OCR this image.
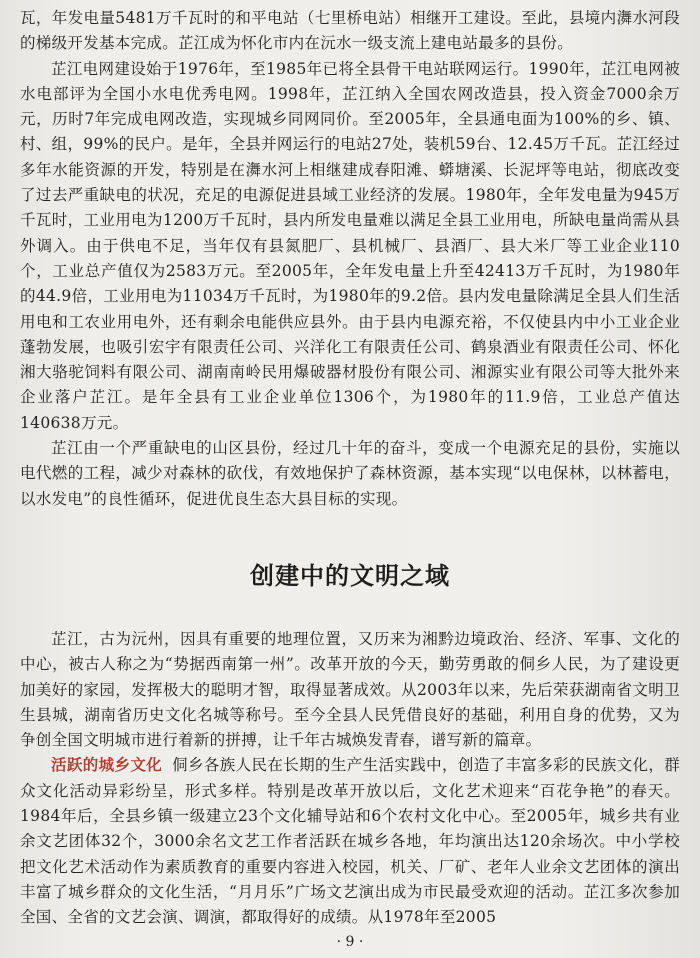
瓦，年发电量5481万千瓦时的和平电站（七里桥电站）相继开工建设。至此，县境内㵲水河段的梯级开发基本完成。芷江成为怀化市内在沅水一级支流上建电站最多的县份。

芷江电网建设始于1976年，至1985年已将全县骨干电站联网运行。1990年，芷江电网被水电部评为全国小水电优秀电网。1998年，芷江纳入全国农网改造县，投入资金7000余万元，历时7年完成电网改造，实现城乡同网同价。至2005年，全县通电面为100%的乡、镇、村、组，99%的民户。是年，全县并网运行的电站27处，装机59台、12.45万千瓦。芷江经过多年水能资源的开发，特别是在㵲水河上相继建成春阳滩、蟒塘溪、长泥坪等电站，彻底改变了过去严重缺电的状况，充足的电源促进县域工业经济的发展。1980年，全年发电量为945万千瓦时，工业用电为1200万千瓦时，县内所发电量难以满足全县工业用电，所缺电量尚需从县外调入。由于供电不足，当年仅有县氮肥厂、县机械厂、县酒厂、县大米厂等工业企业110个，工业总产值仅为2583万元。至2005年，全年发电量上升至42413万千瓦时，为1980年的44.9倍，工业用电为11034万千瓦时，为1980年的9.2倍。县内发电量除满足全县人们生活用电和工农业用电外，还有剩余电能供应县外。由于县内电源充裕，不仅使县内中小工业企业蓬勃发展，也吸引宏宇有限责任公司、兴洋化工有限责任公司、鹤泉酒业有限责任公司、怀化湘大骆驼饲料有限公司、湖南南岭民用爆破器材股份有限公司、湘源实业有限公司等大批外来企业落户芷江。是年全县有工业企业单位1306个，为1980年的11.9倍，工业总产值达140638万元。

芷江由一个严重缺电的山区县份，经过几十年的奋斗，变成一个电源充足的县份，实施以电代燃的工程，减少对森林的砍伐，有效地保护了森林资源，基本实现“以电保林，以林蓄电，以水发电”的良性循环，促进优良生态大县目标的实现。

创建中的文明之域

芷江，古为沅州，因具有重要的地理位置，又历来为湘黔边境政治、经济、军事、文化的中心，被古人称之为“势据西南第一州”。改革开放的今天，勤劳勇敢的侗乡人民，为了建设更加美好的家园，发挥极大的聪明才智，取得显著成效。从2003年以来，先后荣获湖南省文明卫生县城，湖南省历史文化名城等称号。至今全县人民凭借良好的基础，利用自身的优势，又为争创全国文明城市进行着新的拼搏，让千年古城焕发青春，谱写新的篇章。

活跃的城乡文化 侗乡各族人民在长期的生产生活实践中，创造了丰富多彩的民族文化，群众文化活动异彩纷呈，形式多样。特别是改革开放以后，文化艺术迎来“百花争艳”的春天。1984年后，全县乡镇一级建立23个文化辅导站和6个农村文化中心。至2005年，城乡共有业余文艺团体32个，3000余名文艺工作者活跃在城乡各地，年均演出达120余场次。中小学校把文化艺术活动作为素质教育的重要内容进入校园，机关、厂矿、老年人业余文艺团体的演出丰富了城乡群众的文化生活，“月月乐”广场文艺演出成为市民最受欢迎的活动。芷江多次参加全国、全省的文艺会演、调演，都取得好的成绩。从1978年至2005

· 9 ·
